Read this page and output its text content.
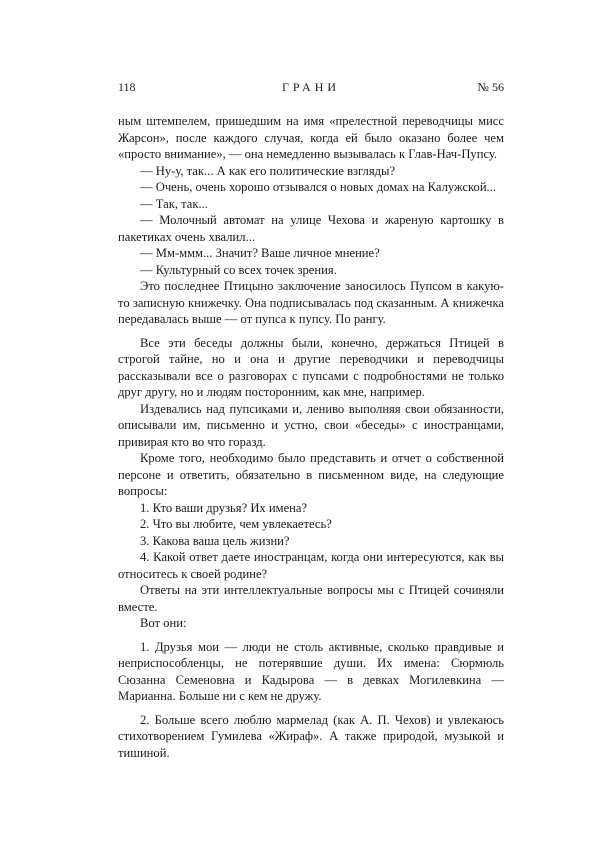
118	ГРАНИ	№ 56

ным штемпелем, пришедшим на имя «прелестной переводчицы мисс Жарсон», после каждого случая, когда ей было оказано более чем «просто внимание», — она немедленно вызывалась к Глав-Нач-Пупсу.

— Ну-у, так... А как его политические взгляды?

— Очень, очень хорошо отзывался о новых домах на Калужской...

— Так, так...

— Молочный автомат на улице Чехова и жареную картошку в пакетиках очень хвалил...

— Мм-ммм... Значит? Ваше личное мнение?

— Культурный со всех точек зрения.

Это последнее Птицыно заключение заносилось Пупсом в какую-то записную книжечку. Она подписывалась под сказанным. А книжечка передавалась выше — от пупса к пупсу. По рангу.

Все эти беседы должны были, конечно, держаться Птицей в строгой тайне, но и она и другие переводчики и переводчицы рассказывали все о разговорах с пупсами с подробностями не только друг другу, но и людям посторонним, как мне, например.

Издевались над пупсиками и, лениво выполняя свои обязанности, описывали им, письменно и устно, свои «беседы» с иностранцами, привирая кто во что горазд.

Кроме того, необходимо было представить и отчет о собственной персоне и ответить, обязательно в письменном виде, на следующие вопросы:

1. Кто ваши друзья? Их имена?

2. Что вы любите, чем увлекаетесь?

3. Какова ваша цель жизни?

4. Какой ответ даете иностранцам, когда они интересуются, как вы относитесь к своей родине?

Ответы на эти интеллектуальные вопросы мы с Птицей сочиняли вместе.

Вот они:

1. Друзья мои — люди не столь активные, сколько правдивые и неприспособленцы, не потерявшие души. Их имена: Сюрмюль Сюзанна Семеновна и Кадырова — в девках Могилевкина — Марианна. Больше ни с кем не дружу.

2. Больше всего люблю мармелад (как А. П. Чехов) и увлекаюсь стихотворением Гумилева «Жираф». А также природой, музыкой и тишиной.
